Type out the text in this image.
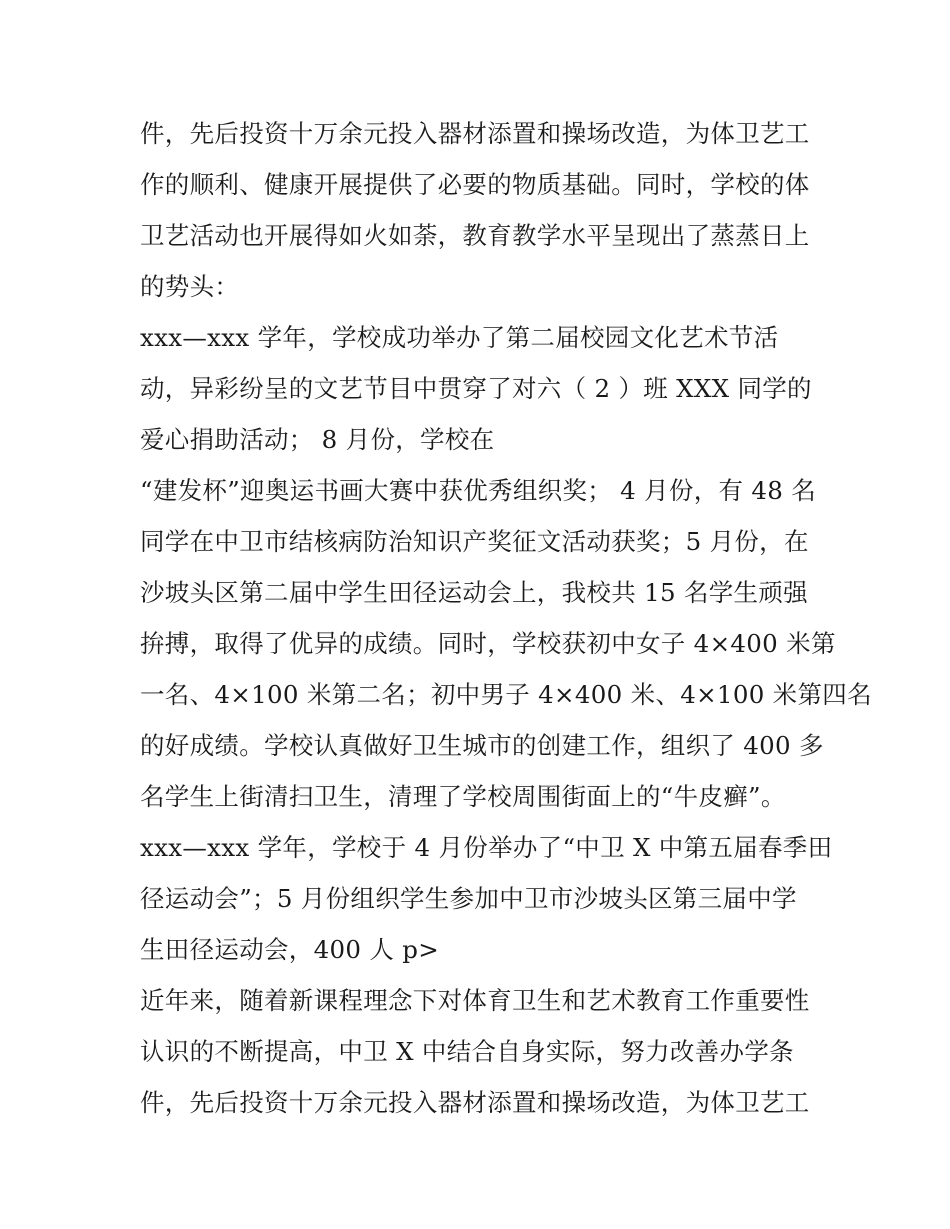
件，先后投资十万余元投入器材添置和操场改造，为体卫艺工
作的顺利、健康开展提供了必要的物质基础。同时，学校的体
卫艺活动也开展得如火如荼，教育教学水平呈现出了蒸蒸日上
的势头：
xxx—xxx 学年，学校成功举办了第二届校园文化艺术节活
动，异彩纷呈的文艺节目中贯穿了对六（ 2 ）班 XXX 同学的
爱心捐助活动； 8 月份，学校在
“建发杯”迎奥运书画大赛中获优秀组织奖； 4 月份，有 48 名
同学在中卫市结核病防治知识产奖征文活动获奖；5 月份，在
沙坡头区第二届中学生田径运动会上，我校共 15 名学生顽强
拚搏，取得了优异的成绩。同时，学校获初中女子 4×400 米第
一名、4×100 米第二名；初中男子 4×400 米、4×100 米第四名
的好成绩。学校认真做好卫生城市的创建工作，组织了 400 多
名学生上街清扫卫生，清理了学校周围街面上的“牛皮癣”。
xxx—xxx 学年，学校于 4 月份举办了“中卫 X 中第五届春季田
径运动会”；5 月份组织学生参加中卫市沙坡头区第三届中学
生田径运动会，400 人 p>
近年来，随着新课程理念下对体育卫生和艺术教育工作重要性
认识的不断提高，中卫 X 中结合自身实际，努力改善办学条
件，先后投资十万余元投入器材添置和操场改造，为体卫艺工
